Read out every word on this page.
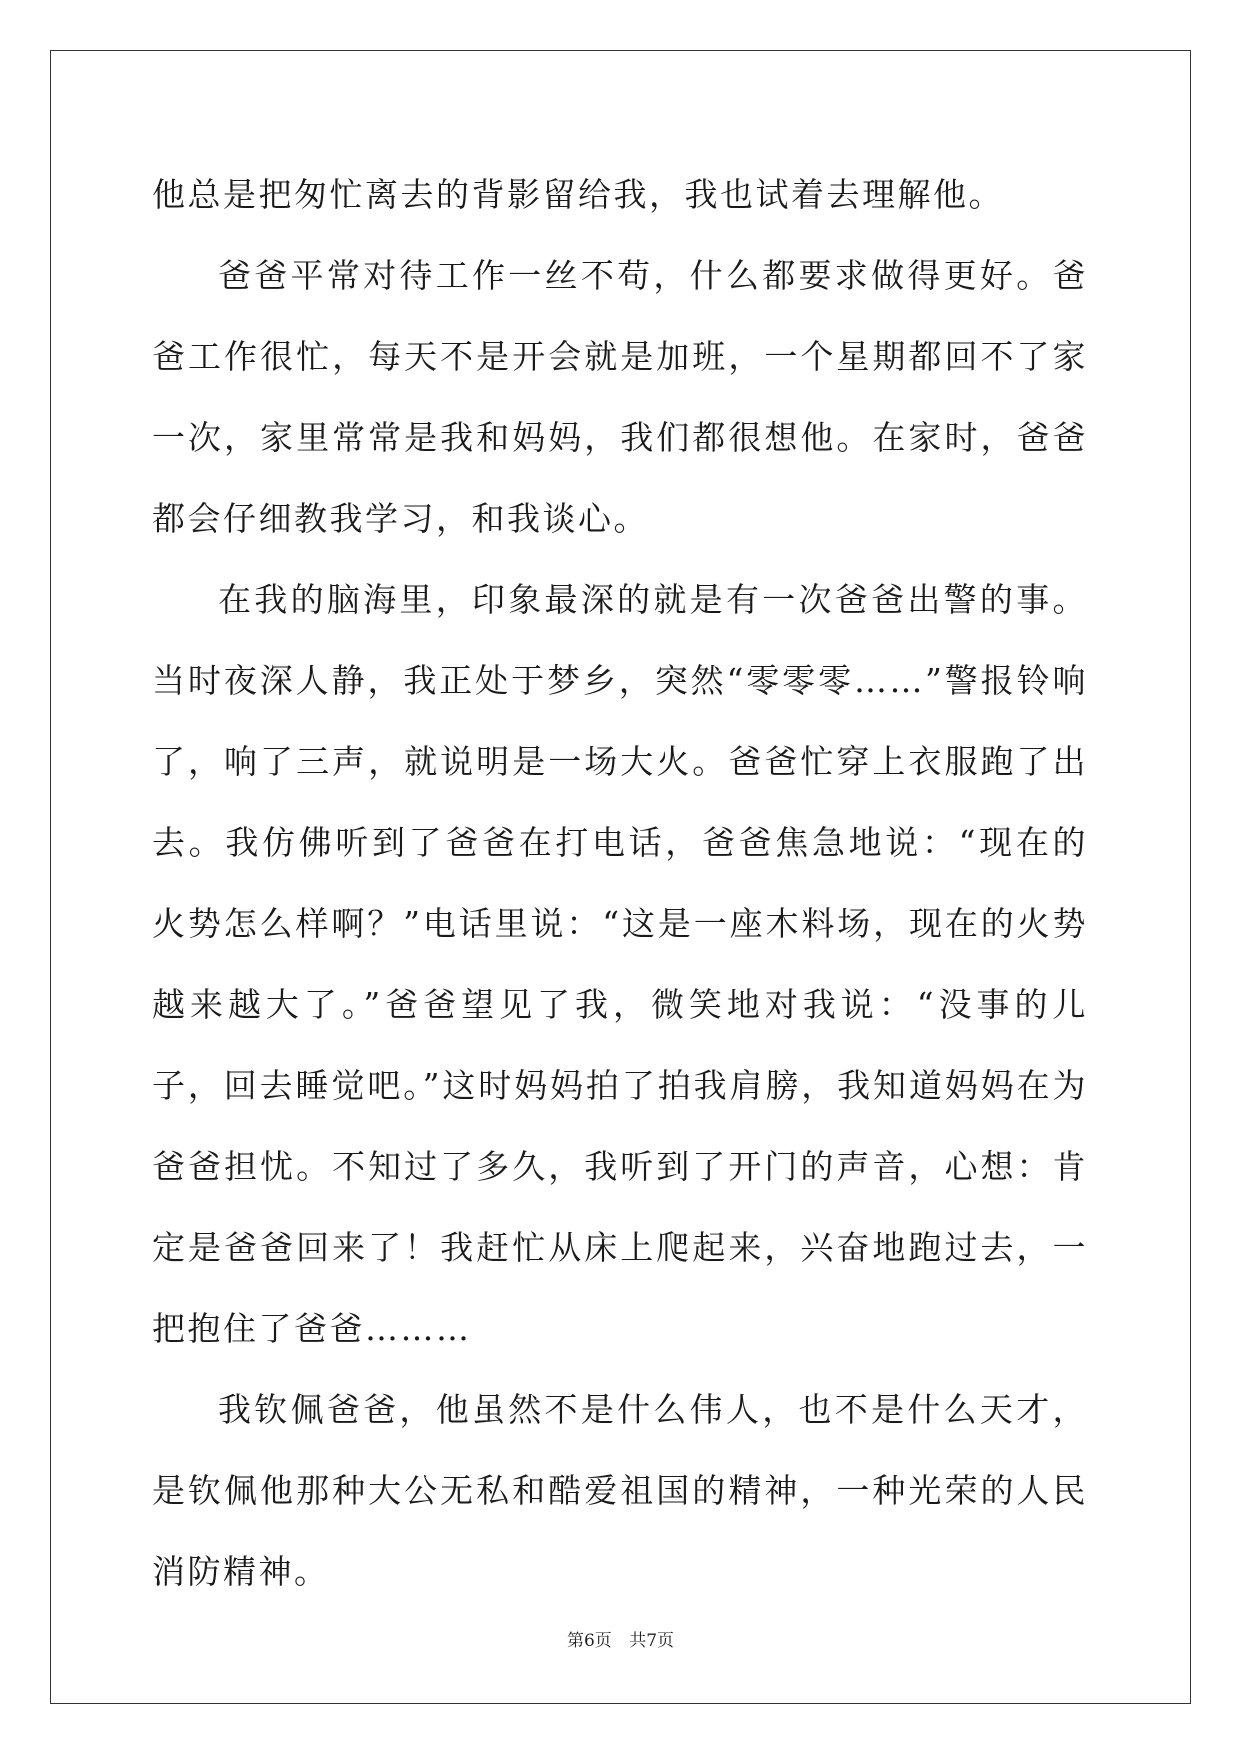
他总是把匆忙离去的背影留给我，我也试着去理解他。

爸爸平常对待工作一丝不苟，什么都要求做得更好。爸爸工作很忙，每天不是开会就是加班，一个星期都回不了家一次，家里常常是我和妈妈，我们都很想他。在家时，爸爸都会仔细教我学习，和我谈心。

在我的脑海里，印象最深的就是有一次爸爸出警的事。当时夜深人静，我正处于梦乡，突然“零零零……”警报铃响了，响了三声，就说明是一场大火。爸爸忙穿上衣服跑了出去。我仿佛听到了爸爸在打电话，爸爸焦急地说：“现在的火势怎么样啊？”电话里说：“这是一座木料场，现在的火势越来越大了。”爸爸望见了我，微笑地对我说：“没事的儿子，回去睡觉吧。”这时妈妈拍了拍我肩膀，我知道妈妈在为爸爸担忧。不知过了多久，我听到了开门的声音，心想：肯定是爸爸回来了！我赶忙从床上爬起来，兴奋地跑过去，一把抱住了爸爸………

我钦佩爸爸，他虽然不是什么伟人，也不是什么天才，是钦佩他那种大公无私和酷爱祖国的精神，一种光荣的人民消防精神。

第6页 共7页
